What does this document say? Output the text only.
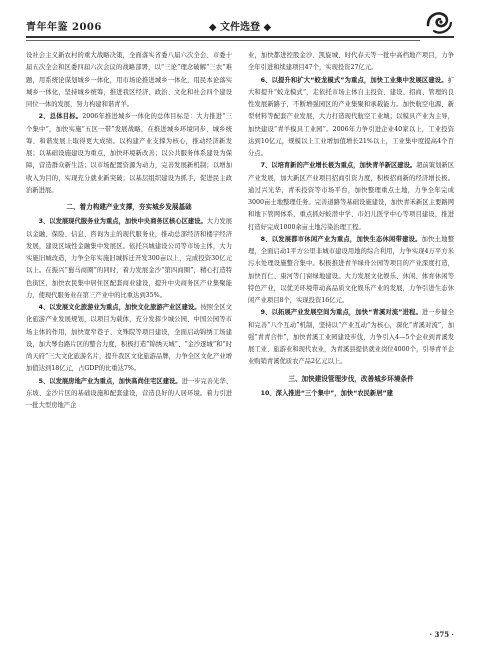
青年年鉴 2006	◆ 文件选登 ◆

设社会主义新农村的重大战略决策，全面落实省委八届六次全会、市委十届五次全会和区委四届六次会议的战略部署，以“三论”理念破解“三农”难题，用系统论谋划城乡一体化，用市场论推进城乡一体化，用民本论落实城乡一体化，坚持城乡统筹，推进我区经济、政治、文化和社会四个建设同位一体的发展，努力构建和谐青羊。

2、总体目标。2006年推进城乡一体化的总体目标是：大力推进“三个集中”，加快实施“五区一带”发展战略，在推进城乡环境同步、城乡统筹、和谐发展上取得更大成绩。以构建产业支撑为核心，推动经济新发展；以基础设施建设为重点，加快环境新改善；以公共服务体系建设为保障，营造群众新生活；以市场配置资源为动力，完善发展新机制；以增加收入为目的，实现充分就业新突破；以基层组织建设为抓手，促进民主政治新进展。

二、着力构建产业支撑，夯实城乡发展基础

3、以发展现代服务业为重点，加快中央商务区核心区建设。大力发展以金融、保险、信息、咨询为主的现代服务业，推动总部经济和楼宇经济发展，建设区域性金融集中发展区。依托兴城建设公司等市场主体，大力实施旧城改造，力争全年实施旧城拆迁开发300亩以上，完成投资30亿元以上。在振兴“蜀马商圈”的同时，着力发展金沙“第四商圈”，精心打造特色街区，加快农民集中居住区配套商业建设，提升中央商务区产业集聚能力，使现代服务业在第三产业中的比重达到35%。

4、以发展文化旅游业为重点，加快文化旅游产业区建设。按照全区文化旅游产业发展规划，以项目为载体，充分发挥少城公园、中国公园等市场主体的作用，加快宽窄巷子、文殊院等项目建设，全面启动锦绣工场建设，加大琴台路片区的整合力度，积极打造“锦绣天城”、“金沙逐城”和“时尚天府”三大文化旅游名片，提升我区文化旅游品牌，力争全区文化产业增加值达到18亿元，占GDP的比重达7%。

5、以发展房地产业为重点，加快高尚住宅区建设。进一步完善光华、东坡、金沙片区的基础设施和配套建设，营造良好的人居环境。着力引进一批大型房地产企

业，加快都进控股金沙、凯旋城、时代春天等一批中高档地产项目，力争全年引进和续建项目47个，实现投资27亿元。

6、以提升和扩大“蛟龙模式”为重点，加快工业集中发展区建设。扩大和提升“蛟龙模式”，走依托市场主体自主投资、建设、招商、管理的良性发展新路子，不断增强园区的产业集聚和承载能力。加快航空电源、新型材料等配套产业发展，大力打造现代航空工业城；以模具产业为主导，加快建设“青羊模具工业园”。2006年力争引进企业40家以上，工业投资达到10亿元，规模以上工业增加值增长21%以上，工业集中度提高4个百分点。

7、以培育新的产业增长极为重点，加快青羊新区建设。超前策划新区产业发展，加大新区产业项目招商引资力度，积极招商新的经济增长极。通过兴光华，青禾投资等市场平台，加快整理重点土地，力争全年完成3000亩土地整理任务。完善道路等基础设施建设，加快青禾新区主要路网和地下管网体系，重点抓好蛟潜中学、市妇儿医学中心等项目建设，推进打造好完成1000余亩土地污染治理工程。

8、以发展都市休闲产业为重点，加快生态休闲带建设。加快土地整理，全面启动1平方公里非城市建设用地的综合利用，力争实现4万平方米污水处理设施整合集中。积极推进青羊绿舟公园等项目的产业深度打造，加快百仁、康河等门窗绿地建设。大力发展文化娱乐、休闲、体育休闲等特色产业，以优美环境带动高品质文化娱乐产业的发展，力争引进生态休闲产业项目8个，实现投资16亿元。

9、以拓展产业发展空间为重点，加快“青溪对流”进程。进一步健全和完善“八个互动”机制，坚持以“产业互动”为核心，深化“青溪对流”，加强“青青合作”，加快青溪工业园建设步伐，力争引入4—5个企业到青溪发展工业、旅游业和现代农业，为青溪县提供就业岗位4000个，引导青羊企业购销青溪优质农产品2亿元以上。

三、加快建设管理步伐，改善城乡环境条件

10、深入推进“三个集中”，加快“农民新居”建

· 375 ·
